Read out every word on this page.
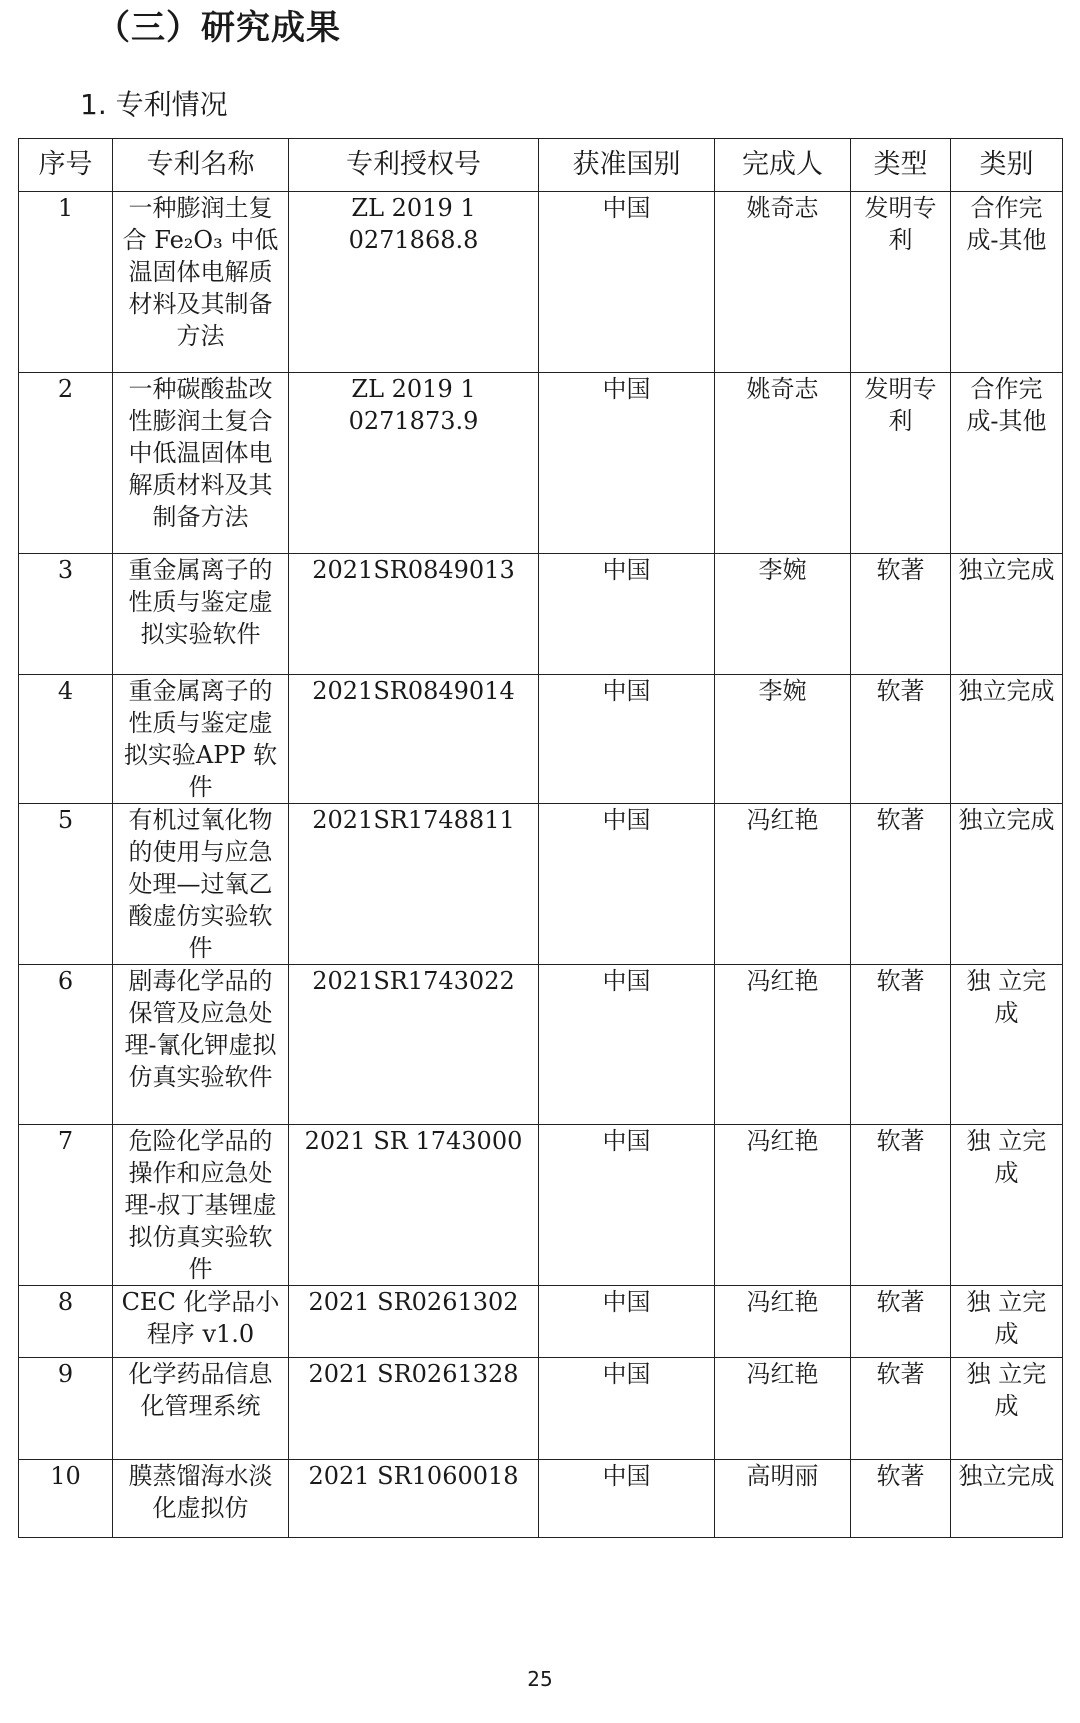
（三）研究成果
1. 专利情况
序号	专利名称	专利授权号	获准国别	完成人	类型	类别
1	一种膨润土复合 Fe₂O₃ 中低温固体电解质材料及其制备方法	ZL 2019 1 0271868.8	中国	姚奇志	发明专利	合作完成-其他
2	一种碳酸盐改性膨润土复合中低温固体电解质材料及其制备方法	ZL 2019 1 0271873.9	中国	姚奇志	发明专利	合作完成-其他
3	重金属离子的性质与鉴定虚拟实验软件	2021SR0849013	中国	李婉	软著	独立完成
4	重金属离子的性质与鉴定虚拟实验APP 软件	2021SR0849014	中国	李婉	软著	独立完成
5	有机过氧化物的使用与应急处理—过氧乙酸虚仿实验软件	2021SR1748811	中国	冯红艳	软著	独立完成
6	剧毒化学品的保管及应急处理-氰化钾虚拟仿真实验软件	2021SR1743022	中国	冯红艳	软著	独 立完成
7	危险化学品的操作和应急处理-叔丁基锂虚拟仿真实验软件	2021 SR 1743000	中国	冯红艳	软著	独 立完成
8	CEC 化学品小程序 v1.0	2021 SR0261302	中国	冯红艳	软著	独 立完成
9	化学药品信息化管理系统	2021 SR0261328	中国	冯红艳	软著	独 立完成
10	膜蒸馏海水淡化虚拟仿	2021 SR1060018	中国	高明丽	软著	独立完成
25
